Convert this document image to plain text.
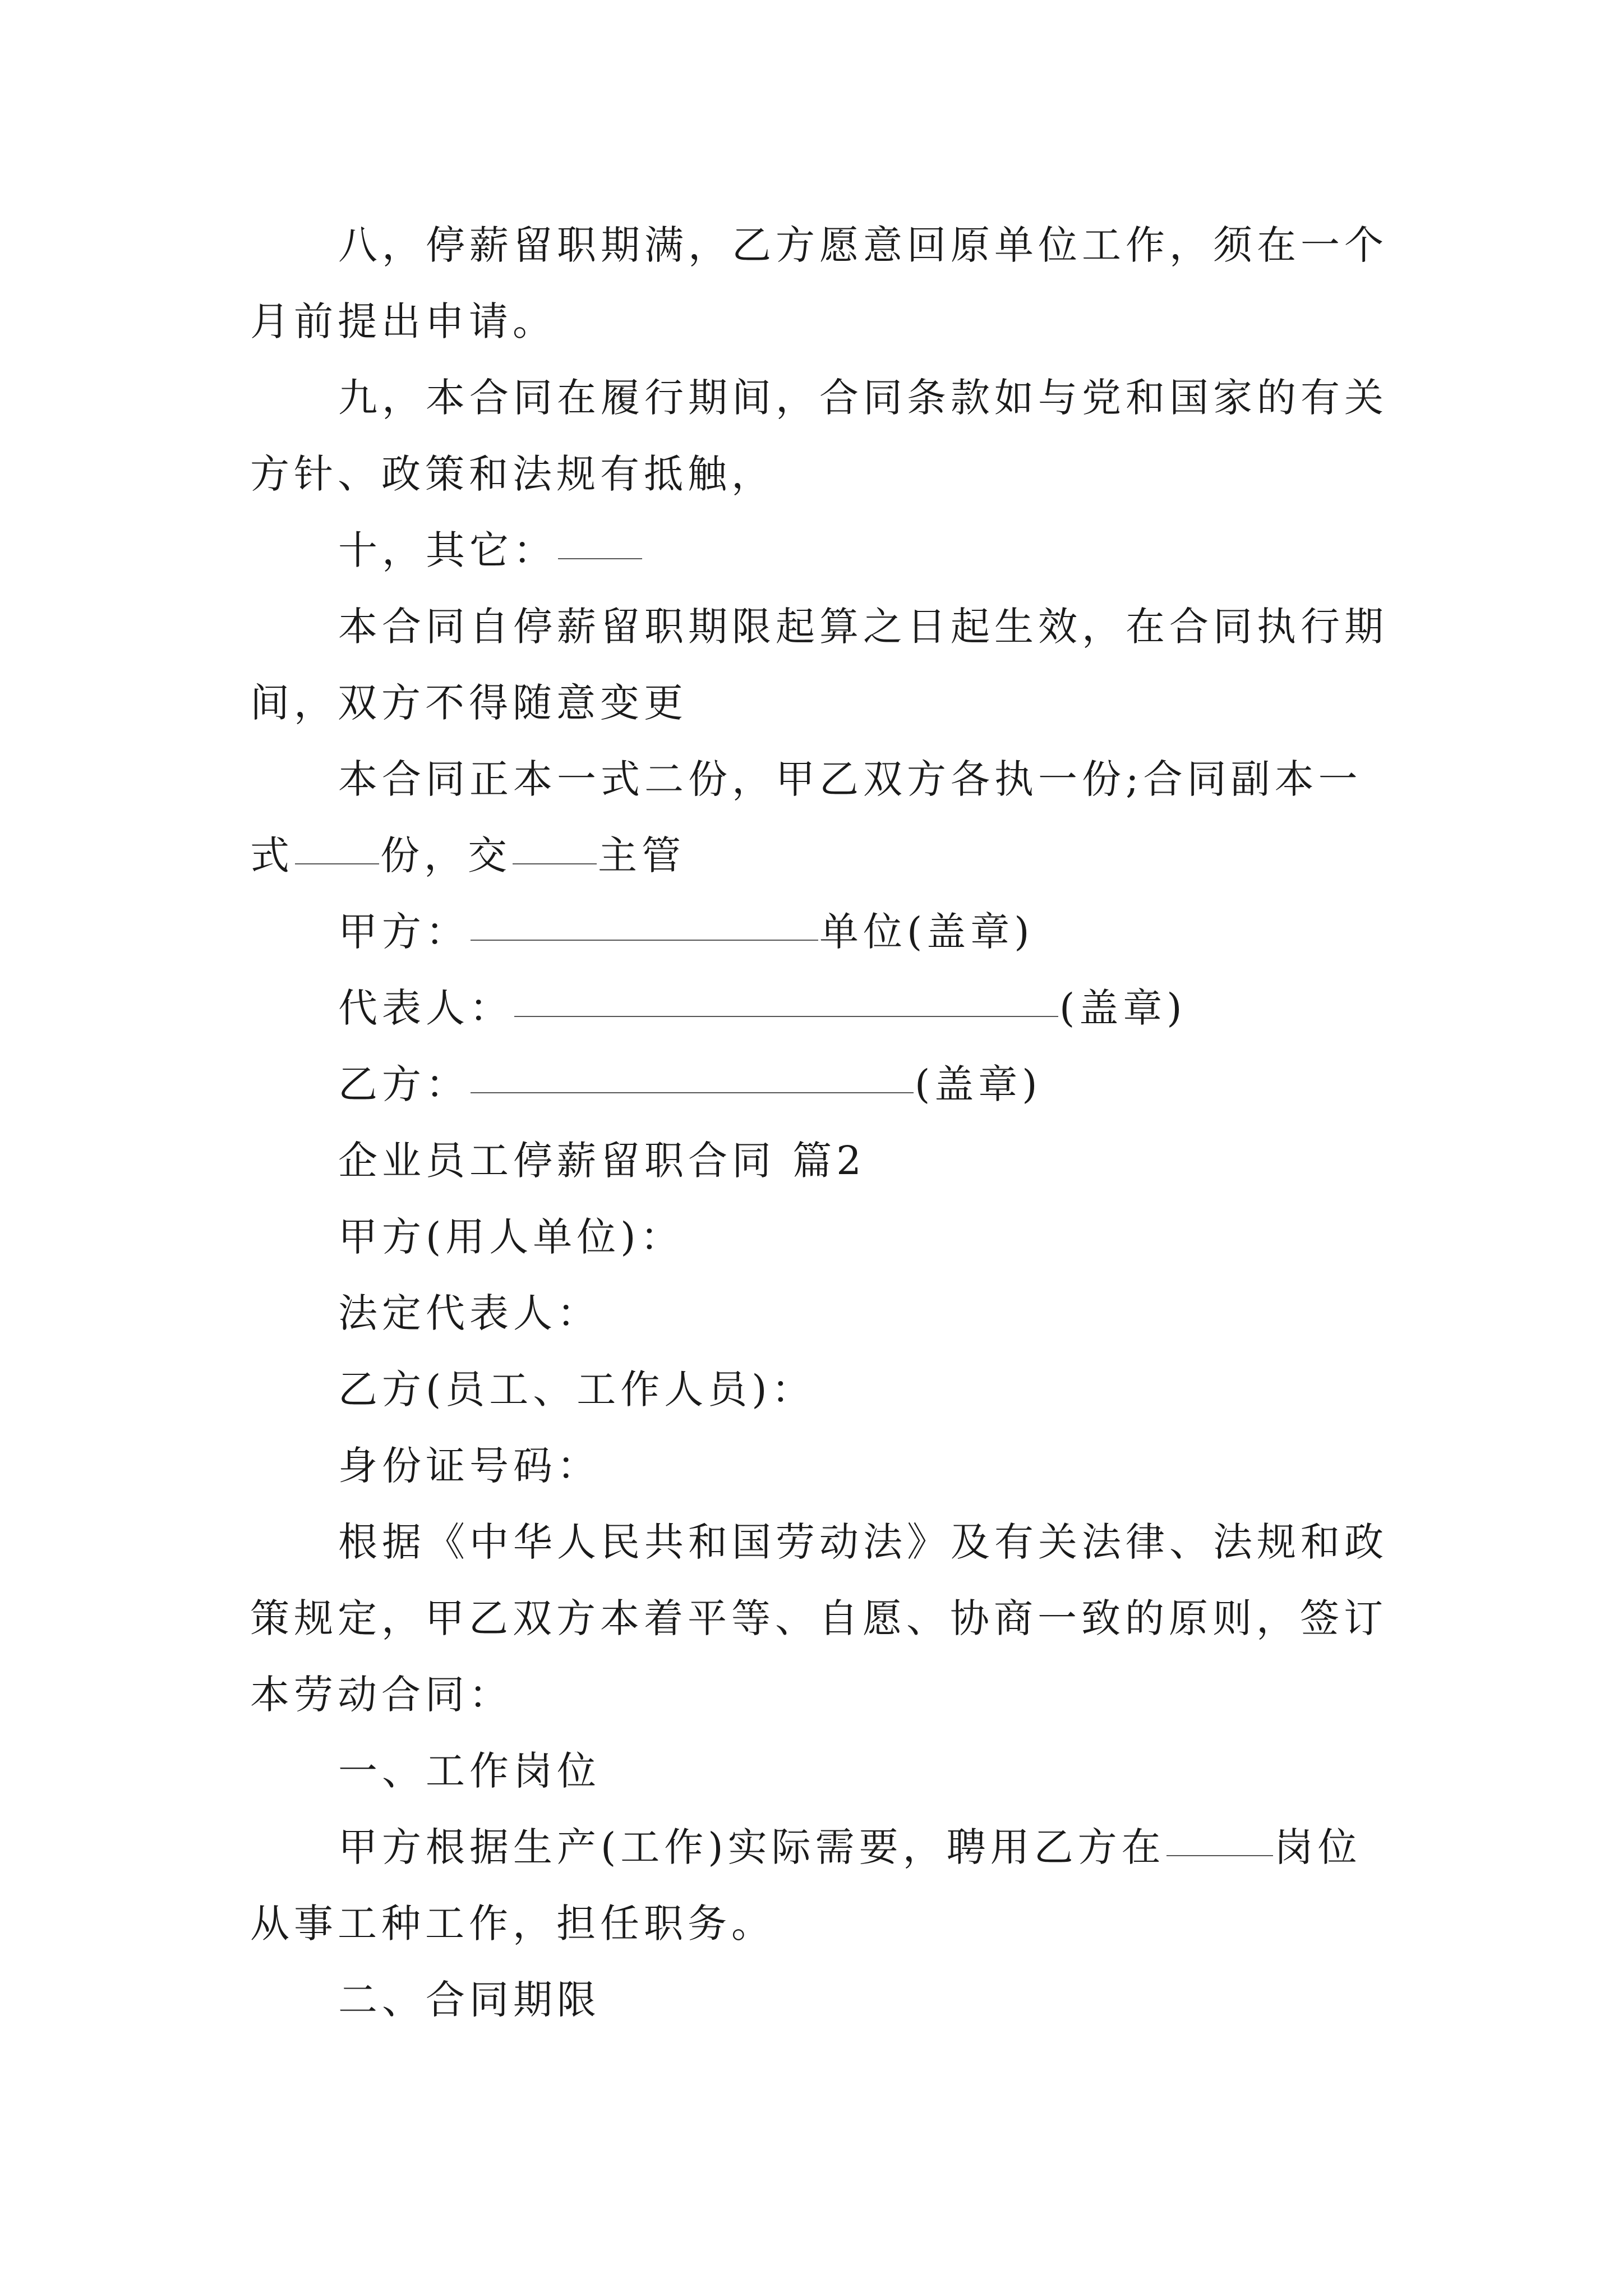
八，停薪留职期满，乙方愿意回原单位工作，须在一个
月前提出申请。
九，本合同在履行期间，合同条款如与党和国家的有关
方针、政策和法规有抵触，
十，其它：
本合同自停薪留职期限起算之日起生效，在合同执行期
间，双方不得随意变更
本合同正本一式二份，甲乙双方各执一份;合同副本一
式 份，交 主管
甲方：	单位(盖章)
代表人：	(盖章)
乙方：	(盖章)
企业员工停薪留职合同 篇2
甲方(用人单位)：
法定代表人：
乙方(员工、工作人员)：
身份证号码：
根据《中华人民共和国劳动法》及有关法律、法规和政
策规定，甲乙双方本着平等、自愿、协商一致的原则，签订
本劳动合同：
一、工作岗位
甲方根据生产(工作)实际需要，聘用乙方在	岗位
从事工种工作，担任职务。
二、合同期限
